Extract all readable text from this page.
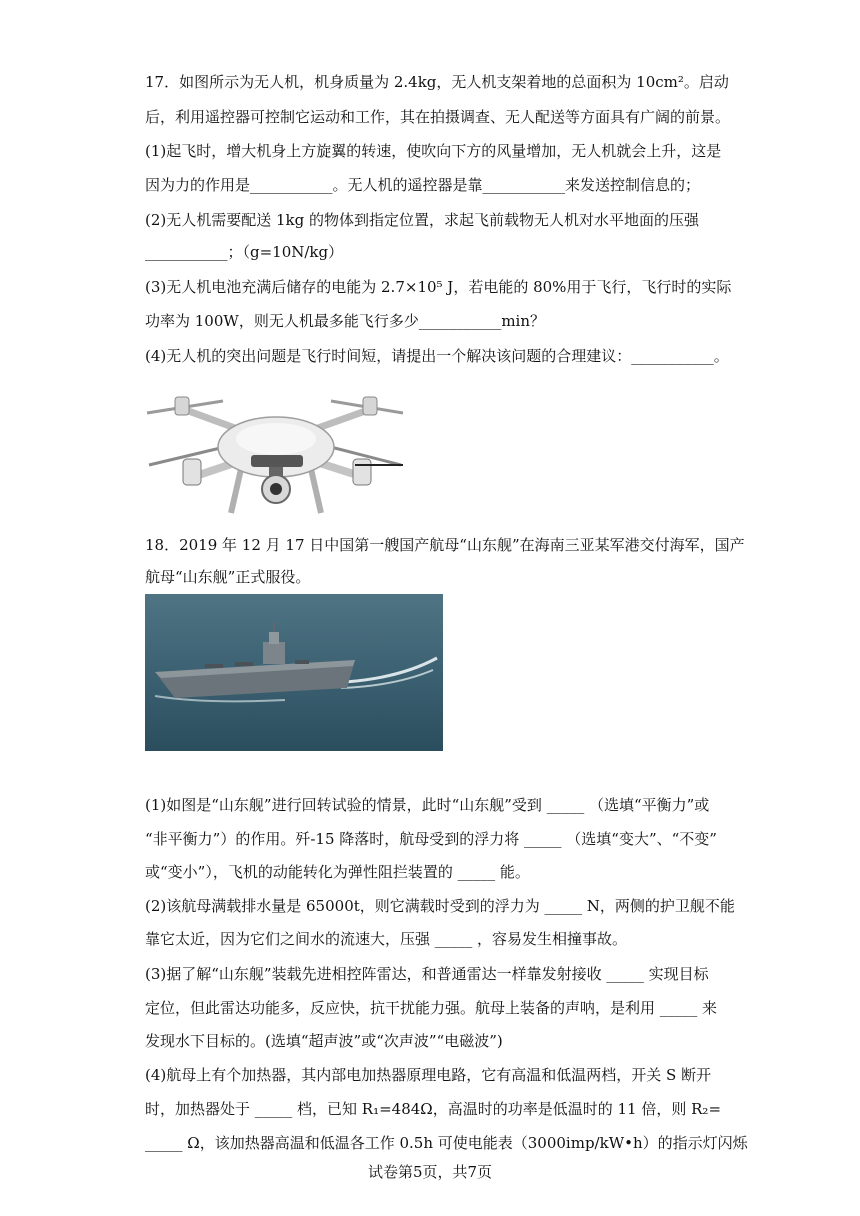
17．如图所示为无人机，机身质量为 2.4kg，无人机支架着地的总面积为 10cm²。启动
后，利用遥控器可控制它运动和工作，其在拍摄调查、无人配送等方面具有广阔的前景。
(1)起飞时，增大机身上方旋翼的转速，使吹向下方的风量增加，无人机就会上升，这是
因为力的作用是___________。无人机的遥控器是靠___________来发送控制信息的；
(2)无人机需要配送 1kg 的物体到指定位置，求起飞前载物无人机对水平地面的压强
___________；（g=10N/kg）
(3)无人机电池充满后储存的电能为 2.7×10⁵ J，若电能的 80%用于飞行，飞行时的实际
功率为 100W，则无人机最多能飞行多少___________min？
(4)无人机的突出问题是飞行时间短，请提出一个解决该问题的合理建议：___________。
18．2019 年 12 月 17 日中国第一艘国产航母“山东舰”在海南三亚某军港交付海军，国产
航母“山东舰”正式服役。
(1)如图是“山东舰”进行回转试验的情景，此时“山东舰”受到 _____ （选填“平衡力”或
“非平衡力”）的作用。歼-15 降落时，航母受到的浮力将 _____ （选填“变大”、“不变”
或“变小”），飞机的动能转化为弹性阻拦装置的 _____ 能。
(2)该航母满载排水量是 65000t，则它满载时受到的浮力为 _____ N，两侧的护卫舰不能
靠它太近，因为它们之间水的流速大，压强 _____ ，容易发生相撞事故。
(3)据了解“山东舰”装载先进相控阵雷达，和普通雷达一样靠发射接收 _____ 实现目标
定位，但此雷达功能多，反应快，抗干扰能力强。航母上装备的声呐，是利用 _____ 来
发现水下目标的。(选填“超声波”或“次声波”“电磁波”)
(4)航母上有个加热器，其内部电加热器原理电路，它有高温和低温两档，开关 S 断开
时，加热器处于 _____ 档，已知 R₁=484Ω，高温时的功率是低温时的 11 倍，则 R₂=
_____ Ω，该加热器高温和低温各工作 0.5h 可使电能表（3000imp/kW•h）的指示灯闪烁
试卷第5页，共7页
